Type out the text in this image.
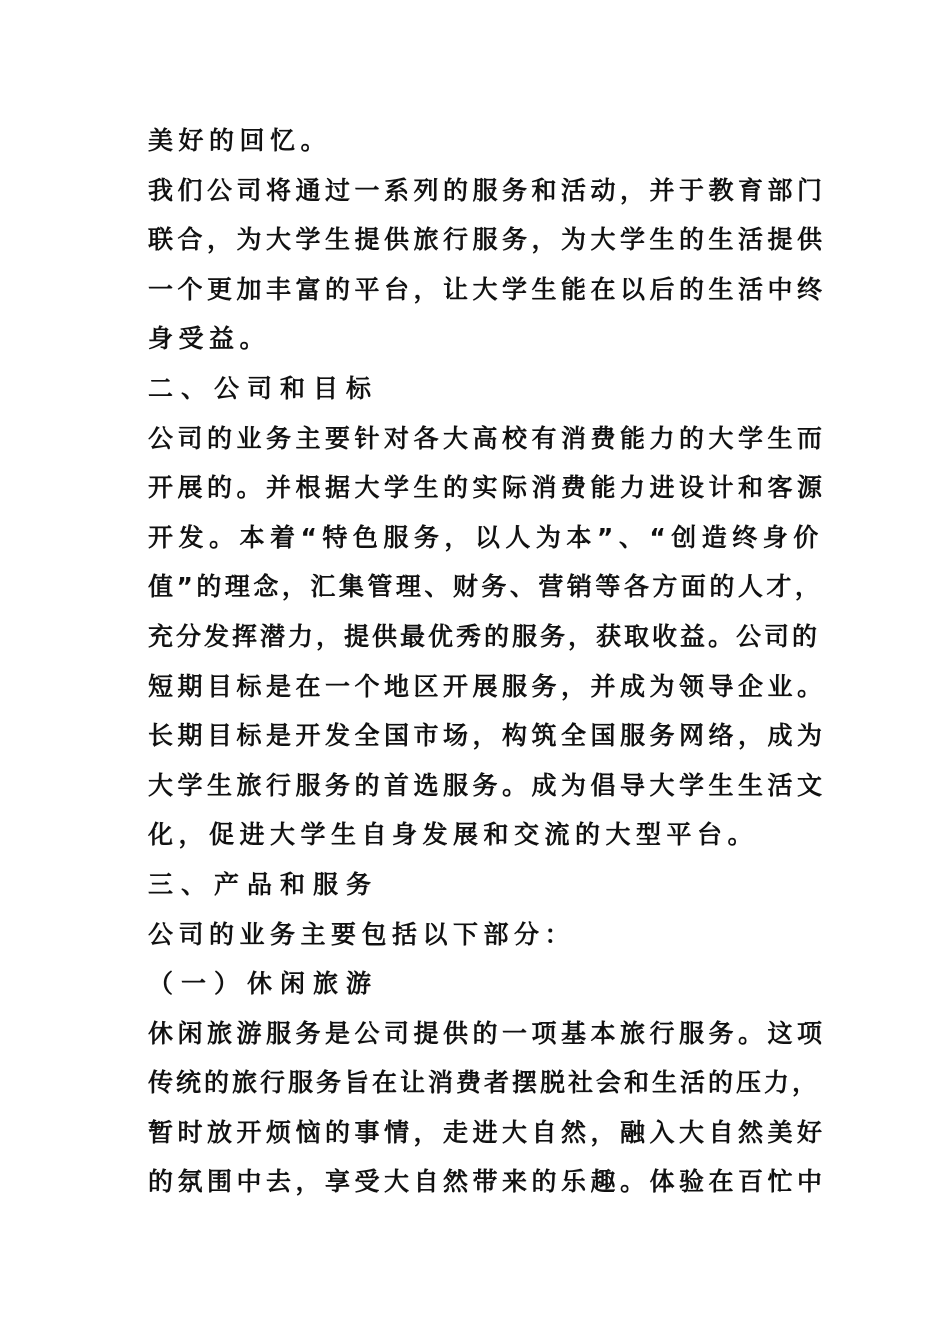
美好的回忆。
我们公司将通过一系列的服务和活动，并于教育部门
联合，为大学生提供旅行服务，为大学生的生活提供
一个更加丰富的平台，让大学生能在以后的生活中终
身受益。
二、公司和目标
公司的业务主要针对各大高校有消费能力的大学生而
开展的。并根据大学生的实际消费能力进设计和客源
开发。本着“特色服务，以人为本”、“创造终身价
值”的理念，汇集管理、财务、营销等各方面的人才，
充分发挥潜力，提供最优秀的服务，获取收益。公司的
短期目标是在一个地区开展服务，并成为领导企业。
长期目标是开发全国市场，构筑全国服务网络，成为
大学生旅行服务的首选服务。成为倡导大学生生活文
化，促进大学生自身发展和交流的大型平台。
三、产品和服务
公司的业务主要包括以下部分：
（一）休闲旅游
休闲旅游服务是公司提供的一项基本旅行服务。这项
传统的旅行服务旨在让消费者摆脱社会和生活的压力，
暂时放开烦恼的事情，走进大自然，融入大自然美好
的氛围中去，享受大自然带来的乐趣。体验在百忙中
